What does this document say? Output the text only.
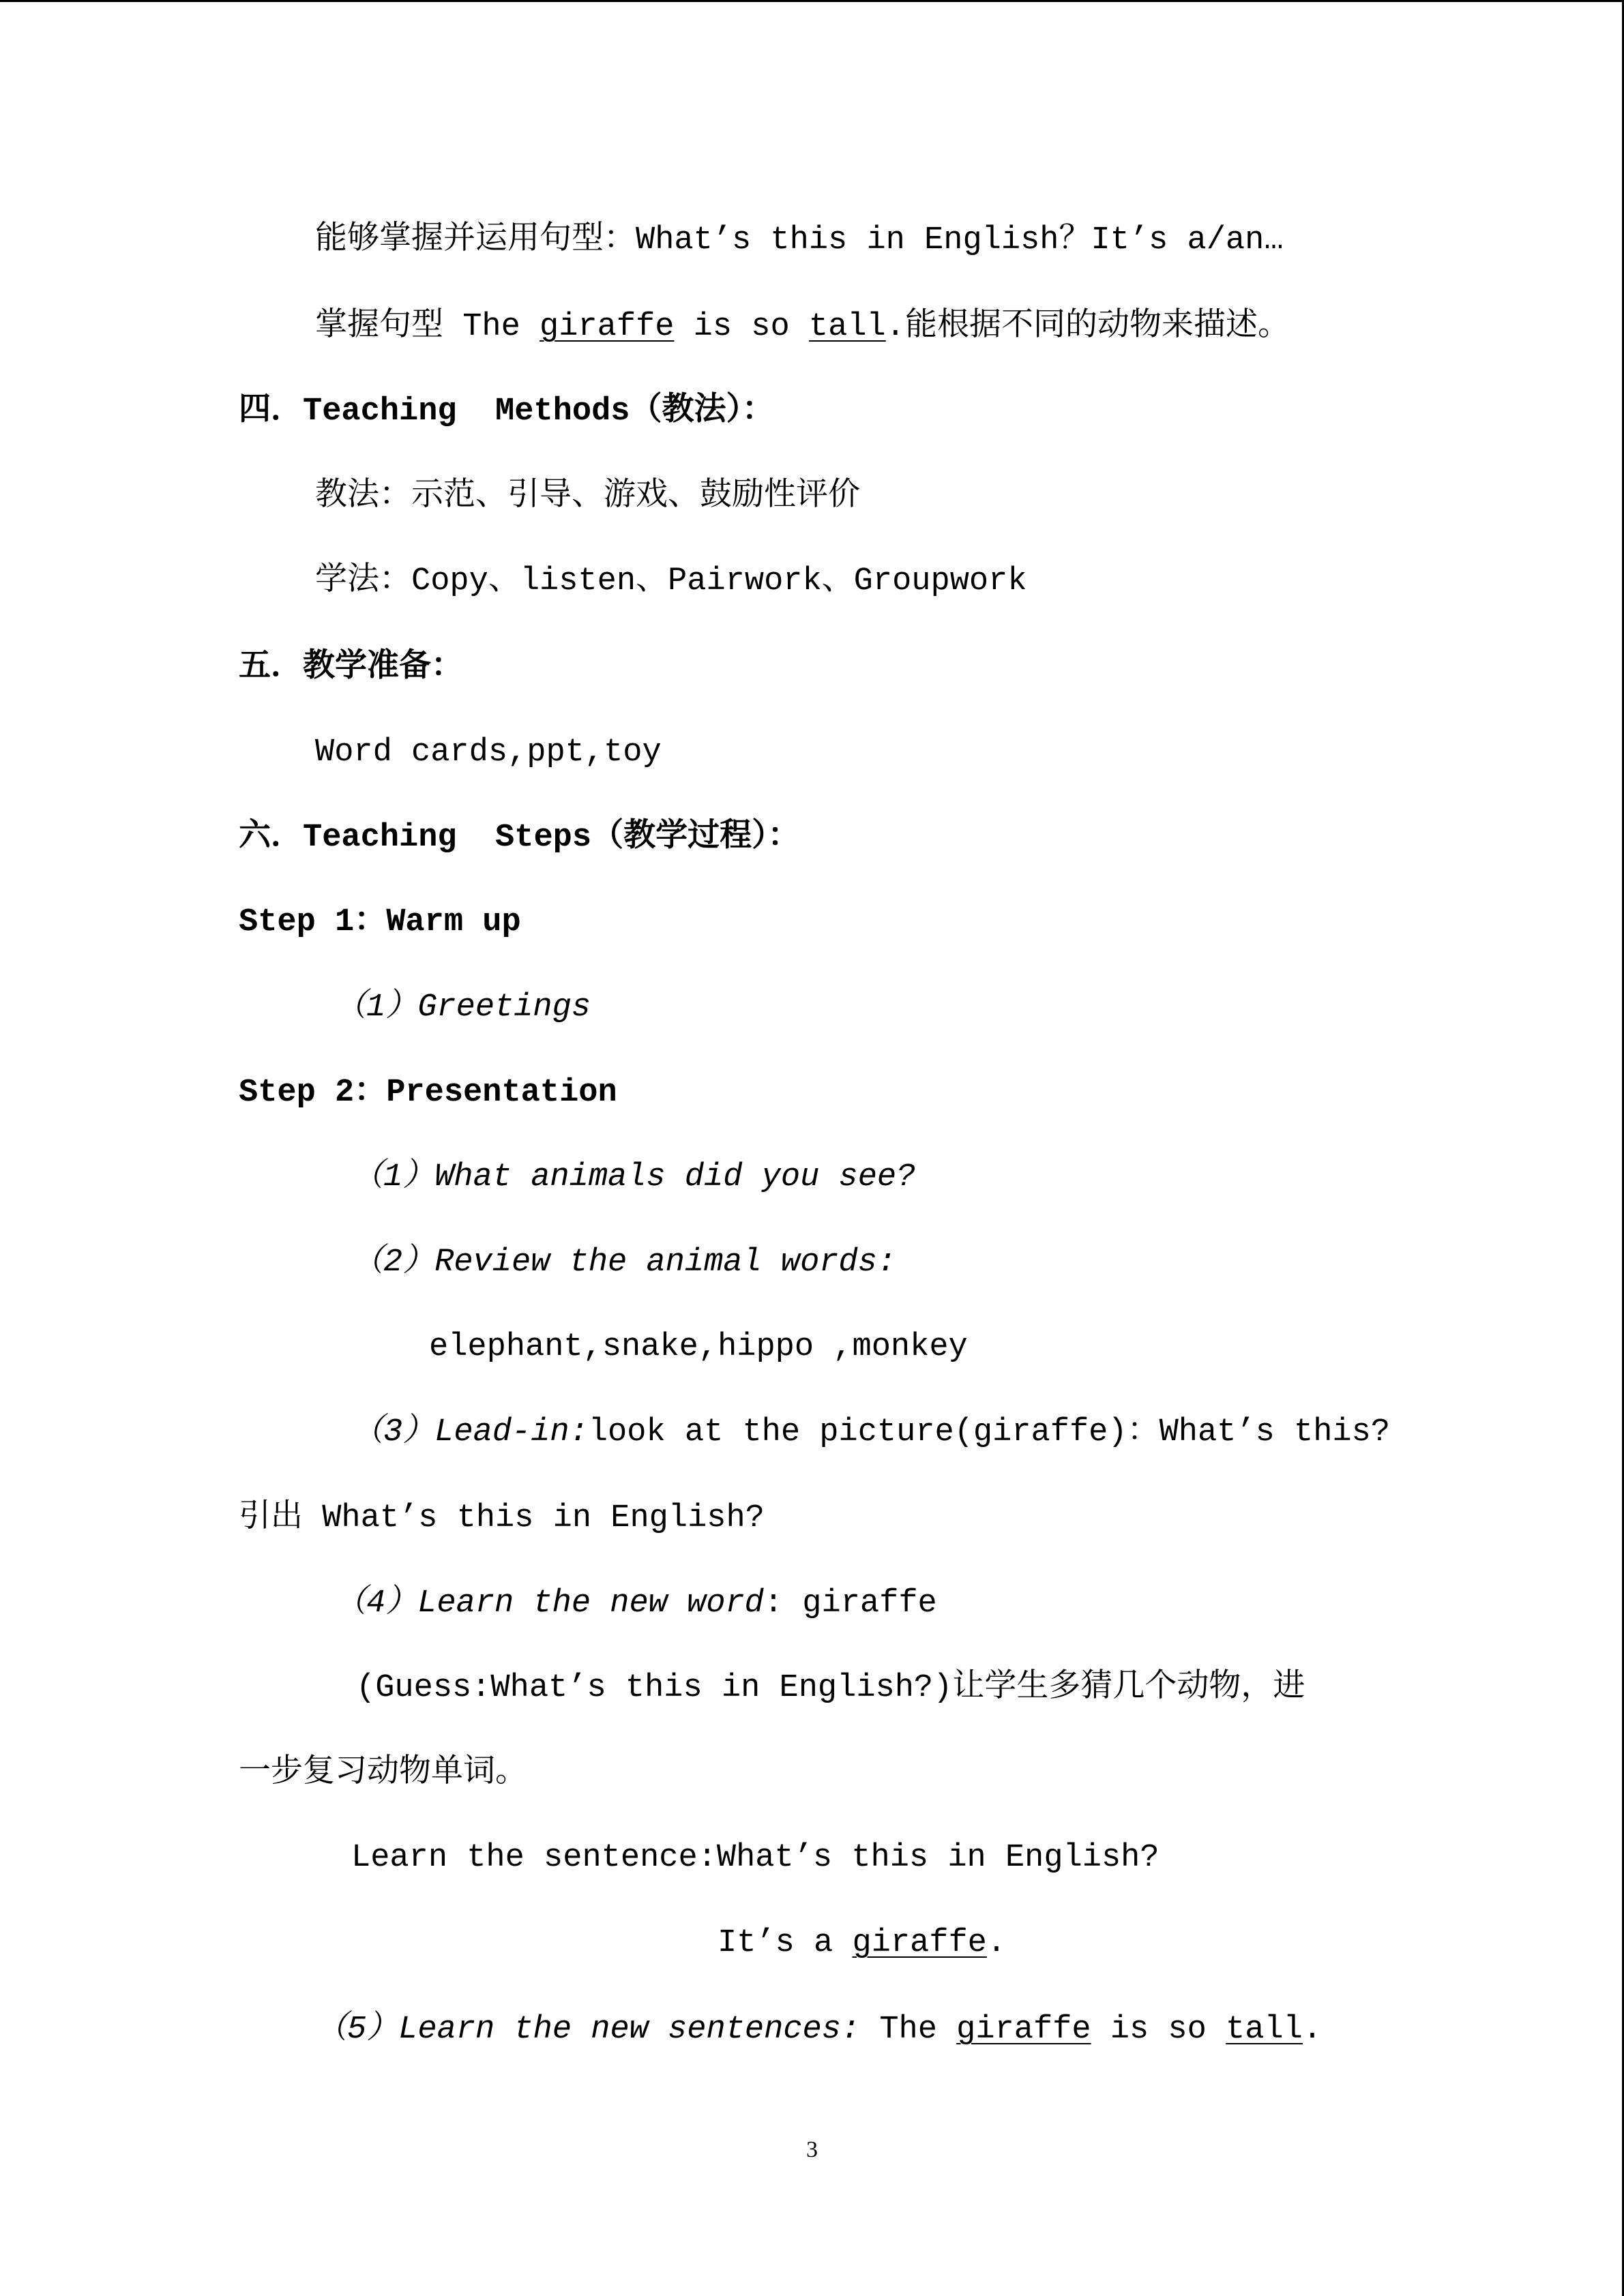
能够掌握并运用句型：What’s this in English？It’s a/an…
掌握句型 The giraffe is so tall.能根据不同的动物来描述。
四．Teaching  Methods（教法）：
教法：示范、引导、游戏、鼓励性评价
学法：Copy、listen、Pairwork、Groupwork
五．教学准备：
Word cards,ppt,toy
六．Teaching  Steps（教学过程）：
Step 1：Warm up
（1）Greetings
Step 2：Presentation
（1）What animals did you see?
（2）Review the animal words:
elephant,snake,hippo ,monkey
（3）Lead-in:look at the picture(giraffe)：What’s this?
引出 What’s this in English?
（4）Learn the new word: giraffe
(Guess:What’s this in English?)让学生多猜几个动物，进
一步复习动物单词。
Learn the sentence:What’s this in English?
It’s a giraffe.
（5）Learn the new sentences: The giraffe is so tall.
3
